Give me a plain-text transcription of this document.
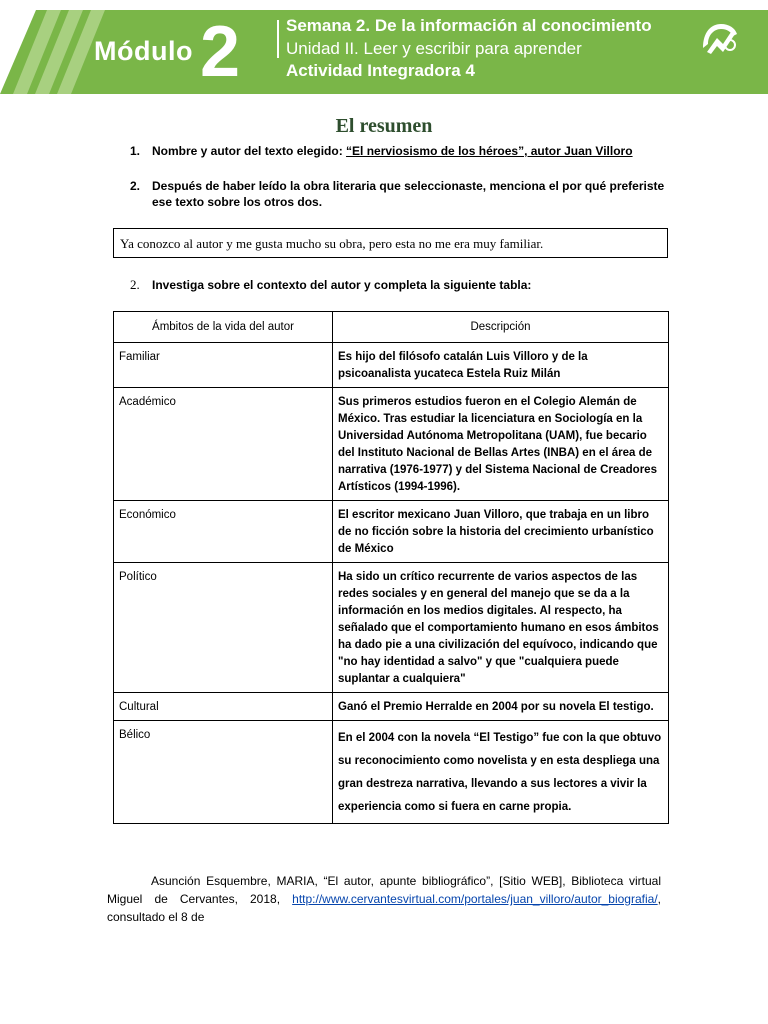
Módulo 2	Semana 2. De la información al conocimiento
Unidad II. Leer y escribir para aprender
Actividad Integradora 4
El resumen
1. Nombre y autor del texto elegido: “El nerviosismo de los héroes”, autor Juan Villoro
2. Después de haber leído la obra literaria que seleccionaste, menciona el por qué preferiste
ese texto sobre los otros dos.
Ya conozco al autor y me gusta mucho su obra, pero esta no me era muy familiar.
2. Investiga sobre el contexto del autor y completa la siguiente tabla:
Ámbitos de la vida del autor	Descripción
Familiar	Es hijo del filósofo catalán Luis Villoro y de la psicoanalista yucateca Estela Ruiz Milán
Académico	Sus primeros estudios fueron en el Colegio Alemán de México. Tras estudiar la licenciatura en Sociología en la Universidad Autónoma Metropolitana (UAM), fue becario del Instituto Nacional de Bellas Artes (INBA) en el área de narrativa (1976-1977) y del Sistema Nacional de Creadores Artísticos (1994-1996).
Económico	El escritor mexicano Juan Villoro, que trabaja en un libro de no ficción sobre la historia del crecimiento urbanístico de México
Político	Ha sido un crítico recurrente de varios aspectos de las redes sociales y en general del manejo que se da a la información en los medios digitales. Al respecto, ha señalado que el comportamiento humano en esos ámbitos ha dado pie a una civilización del equívoco, indicando que "no hay identidad a salvo" y que "cualquiera puede suplantar a cualquiera"
Cultural	Ganó el Premio Herralde en 2004 por su novela El testigo.
Bélico	En el 2004 con la novela “El Testigo” fue con la que obtuvo su reconocimiento como novelista y en esta despliega una gran destreza narrativa, llevando a sus lectores a vivir la experiencia como si fuera en carne propia.
Asunción Esquembre, MARIA, “El autor, apunte bibliográfico”, [Sitio WEB], Biblioteca virtual Miguel de Cervantes, 2018, http://www.cervantesvirtual.com/portales/juan_villoro/autor_biografia/, consultado el 8 de
